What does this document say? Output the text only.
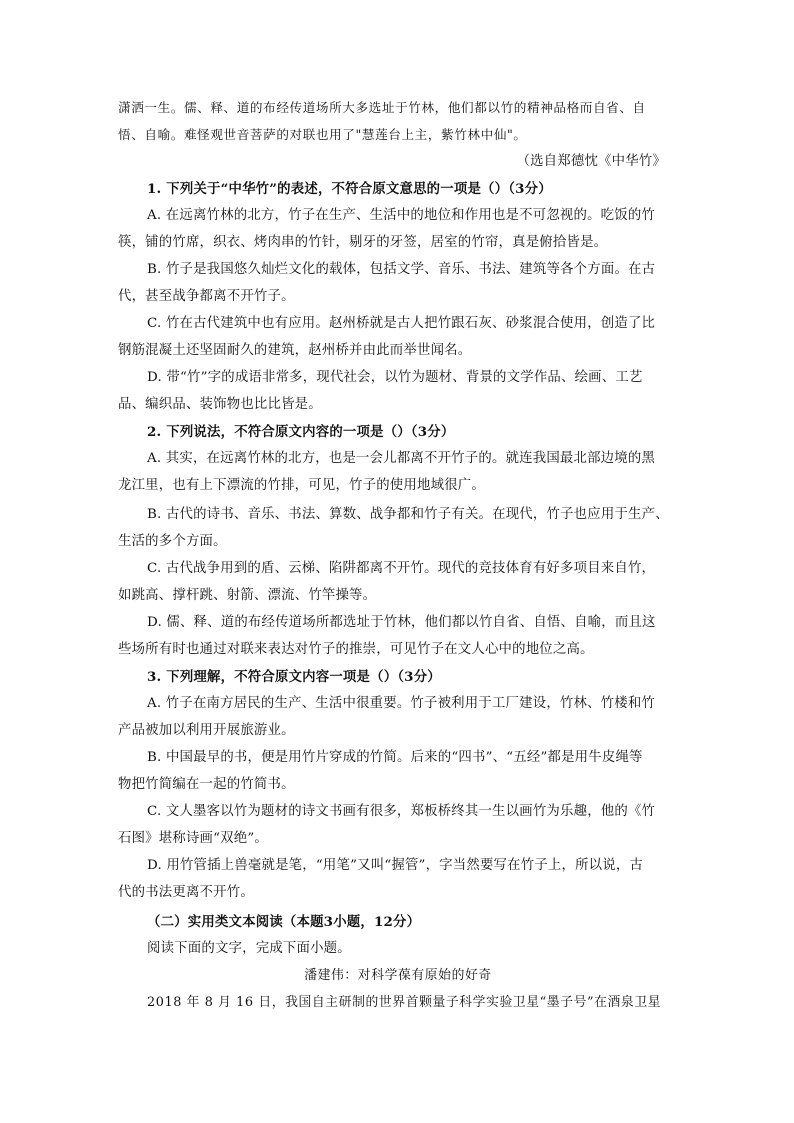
潇洒一生。儒、释、道的布经传道场所大多选址于竹林，他们都以竹的精神品格而自省、自
悟、自喻。难怪观世音菩萨的对联也用了"慧莲台上主，紫竹林中仙"。
（选自郑德忱《中华竹》
1. 下列关于“中华竹”的表述，不符合原文意思的一项是（）（3分）
A. 在远离竹林的北方，竹子在生产、生活中的地位和作用也是不可忽视的。吃饭的竹
筷，铺的竹席，织衣、烤肉串的竹针，剔牙的牙签，居室的竹帘，真是俯拾皆是。
B. 竹子是我国悠久灿烂文化的载体，包括文学、音乐、书法、建筑等各个方面。在古
代，甚至战争都离不开竹子。
C. 竹在古代建筑中也有应用。赵州桥就是古人把竹跟石灰、砂浆混合使用，创造了比
钢筋混凝土还坚固耐久的建筑，赵州桥并由此而举世闻名。
D. 带“竹”字的成语非常多，现代社会，以竹为题材、背景的文学作品、绘画、工艺
品、编织品、装饰物也比比皆是。
2. 下列说法，不符合原文内容的一项是（）（3分）
A. 其实，在远离竹林的北方，也是一会儿都离不开竹子的。就连我国最北部边境的黑
龙江里，也有上下漂流的竹排，可见，竹子的使用地域很广。
B. 古代的诗书、音乐、书法、算数、战争都和竹子有关。在现代，竹子也应用于生产、
生活的多个方面。
C. 古代战争用到的盾、云梯、陷阱都离不开竹。现代的竞技体育有好多项目来自竹，
如跳高、撑杆跳、射箭、漂流、竹竿操等。
D. 儒、释、道的布经传道场所都选址于竹林，他们都以竹自省、自悟、自喻，而且这
些场所有时也通过对联来表达对竹子的推崇，可见竹子在文人心中的地位之高。
3. 下列理解，不符合原文内容一项是（）（3分）
A. 竹子在南方居民的生产、生活中很重要。竹子被利用于工厂建设，竹林、竹楼和竹
产品被加以利用开展旅游业。
B. 中国最早的书，便是用竹片穿成的竹简。后来的“四书”、“五经”都是用牛皮绳等
物把竹简编在一起的竹简书。
C. 文人墨客以竹为题材的诗文书画有很多，郑板桥终其一生以画竹为乐趣，他的《竹
石图》堪称诗画“双绝”。
D. 用竹管插上兽毫就是笔，“用笔”又叫“握管”，字当然要写在竹子上，所以说，古
代的书法更离不开竹。
（二）实用类文本阅读（本题3小题，12分）
阅读下面的文字，完成下面小题。
潘建伟：对科学葆有原始的好奇
2018 年 8 月 16 日，我国自主研制的世界首颗量子科学实验卫星“墨子号”在酒泉卫星
